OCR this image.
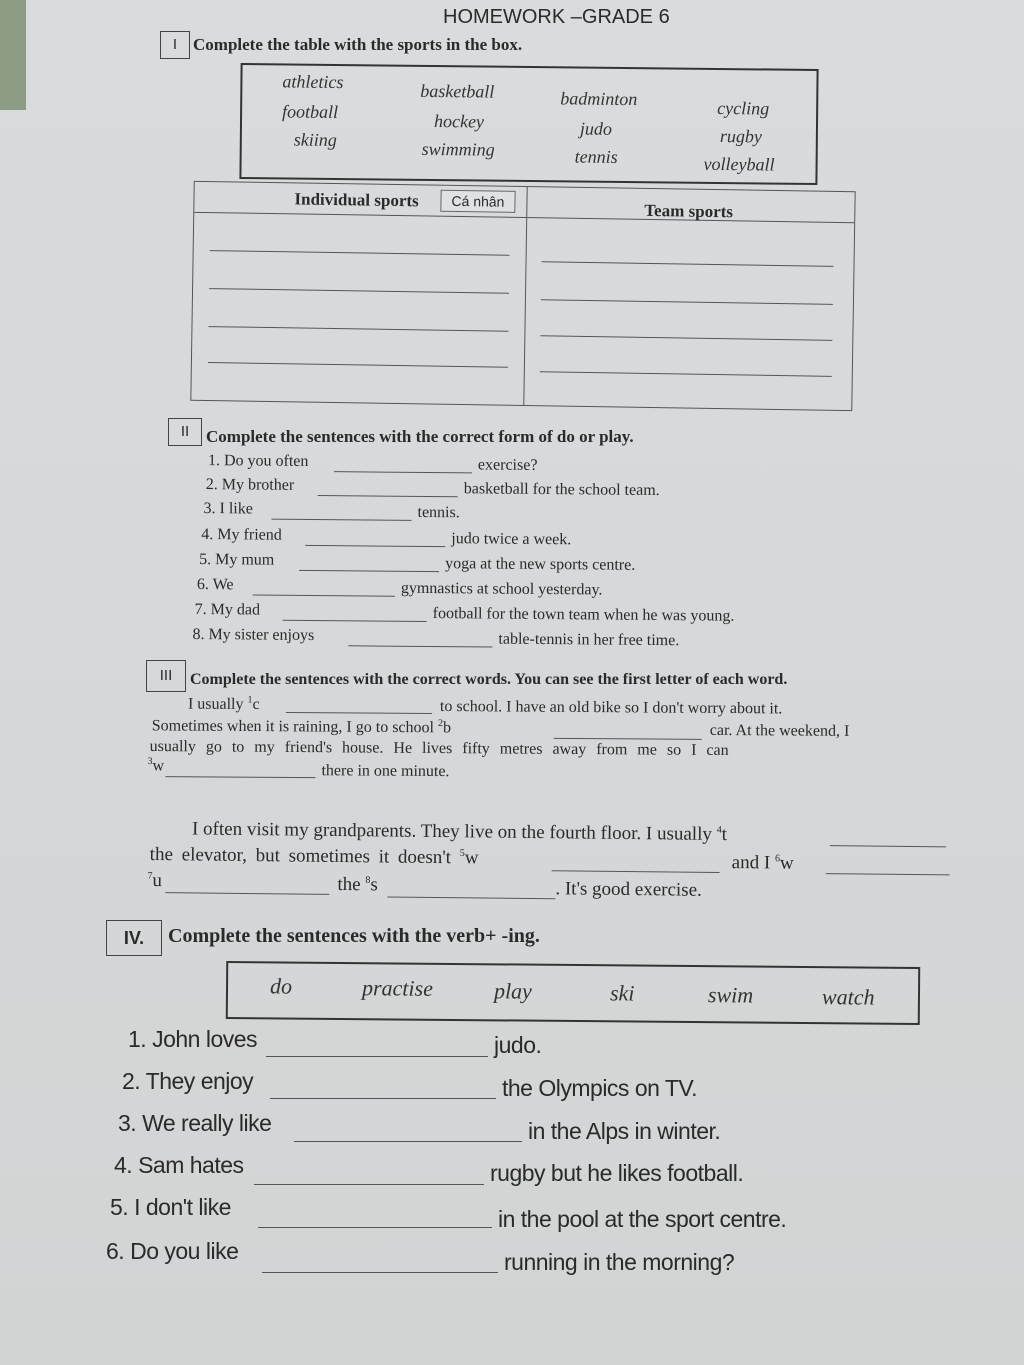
HOMEWORK –GRADE 6
I Complete the table with the sports in the box.
athletics	basketball	badminton	cycling
football	hockey	judo	rugby
skiing	swimming	tennis	volleyball
Individual sports	Cá nhân	Team sports
II Complete the sentences with the correct form of do or play.
1. Do you often	exercise?
2. My brother	basketball for the school team.
3. I like	tennis.
4. My friend	judo twice a week.
5. My mum	yoga at the new sports centre.
6. We	gymnastics at school yesterday.
7. My dad	football for the town team when he was young.
8. My sister enjoys	table-tennis in her free time.
III	Complete the sentences with the correct words. You can see the first letter of each word.
I usually $^1$c	to school. I have an old bike so I don't worry about it.
Sometimes when it is raining, I go to school $^2$b	car. At the weekend, I
usually go to my friend's house. He lives fifty metres away from me so I can
$^3$w	there in one minute.
I often visit my grandparents. They live on the fourth floor. I usually $^4$t
the elevator, but sometimes it doesn't $^5$w	and I $^6$w
$^7$u	the $^8$s	. It's good exercise.
IV.	Complete the sentences with the verb+ -ing.
do	practise	play	ski	swim	watch
1. John loves	judo.
2. They enjoy	the Olympics on TV.
3. We really like	in the Alps in winter.
4. Sam hates	rugby but he likes football.
5. I don't like	in the pool at the sport centre.
6. Do you like	running in the morning?
